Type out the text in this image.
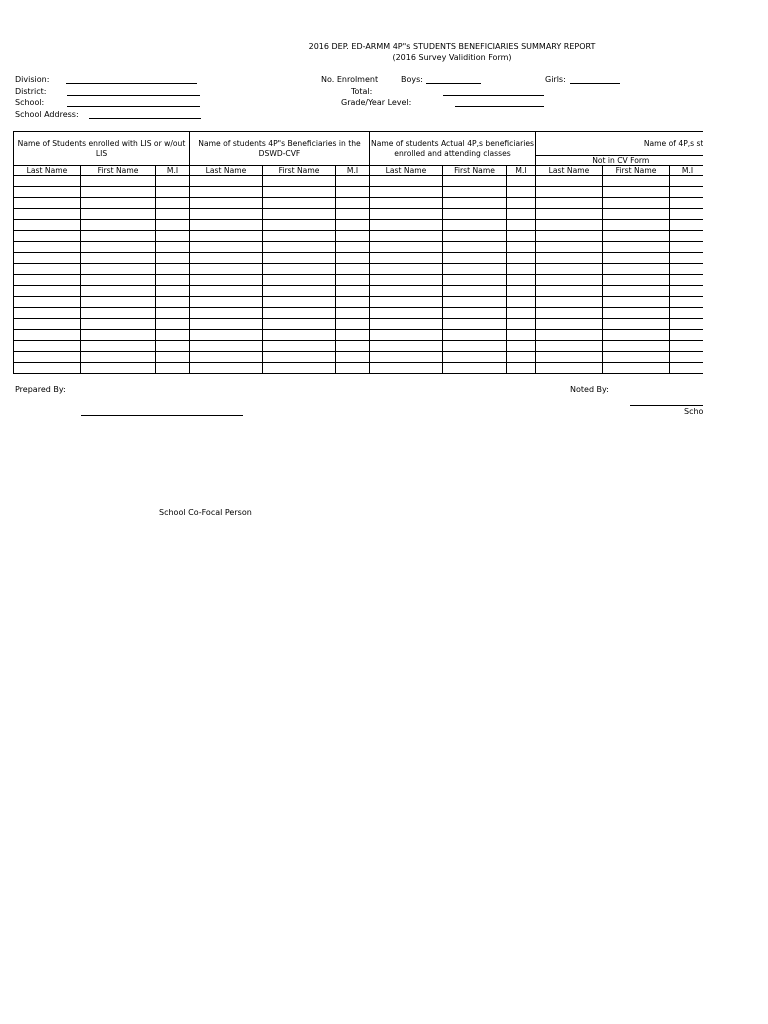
2016 DEP. ED-ARMM 4P"s STUDENTS BENEFICIARIES SUMMARY REPORT
(2016 Survey Validition Form)
Division:
District:
School:
School Address:
No. Enrolment	Boys:
Total:
Grade/Year Level:
Girls:
Name of Students enrolled with LIS or w/out LIS			Name of students 4P"s Beneficiaries in the DSWD-CVF			Name of students Actual 4P,s beneficiaries enrolled and attending classes			Name of 4P,s st		
									Not in CV Form		
Last Name	First Name	M.I	Last Name	First Name	M.I	Last Name	First Name	M.I	Last Name	First Name	M.I

Prepared By:
School Co-Focal Person
Noted By:
Scho
